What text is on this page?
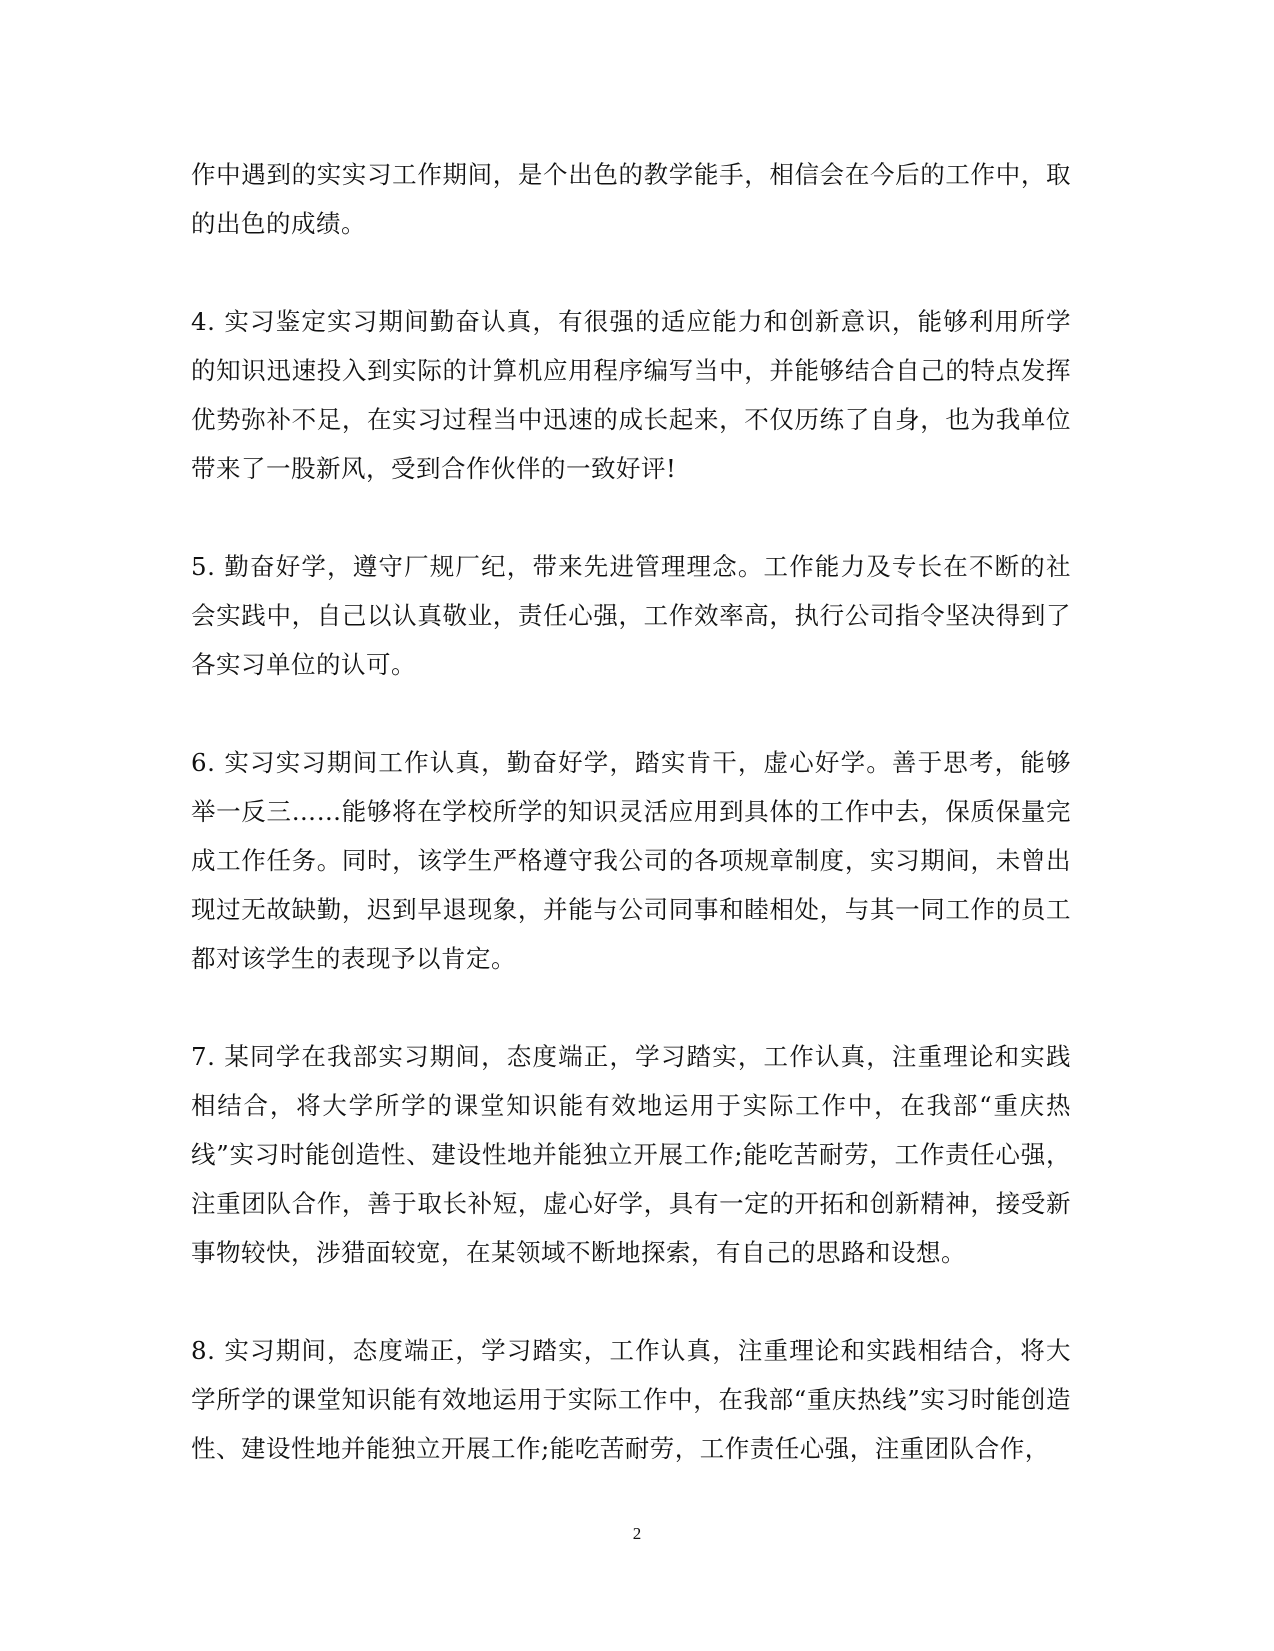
作中遇到的实实习工作期间，是个出色的教学能手，相信会在今后的工作中，取的出色的成绩。

4. 实习鉴定实习期间勤奋认真，有很强的适应能力和创新意识，能够利用所学的知识迅速投入到实际的计算机应用程序编写当中，并能够结合自己的特点发挥优势弥补不足，在实习过程当中迅速的成长起来，不仅历练了自身，也为我单位带来了一股新风，受到合作伙伴的一致好评!

5. 勤奋好学，遵守厂规厂纪，带来先进管理理念。工作能力及专长在不断的社会实践中，自己以认真敬业，责任心强，工作效率高，执行公司指令坚决得到了各实习单位的认可。

6. 实习实习期间工作认真，勤奋好学，踏实肯干，虚心好学。善于思考，能够举一反三……能够将在学校所学的知识灵活应用到具体的工作中去，保质保量完成工作任务。同时，该学生严格遵守我公司的各项规章制度，实习期间，未曾出现过无故缺勤，迟到早退现象，并能与公司同事和睦相处，与其一同工作的员工都对该学生的表现予以肯定。

7. 某同学在我部实习期间，态度端正，学习踏实，工作认真，注重理论和实践相结合，将大学所学的课堂知识能有效地运用于实际工作中，在我部“重庆热线”实习时能创造性、建设性地并能独立开展工作;能吃苦耐劳，工作责任心强，注重团队合作，善于取长补短，虚心好学，具有一定的开拓和创新精神，接受新事物较快，涉猎面较宽，在某领域不断地探索，有自己的思路和设想。

8. 实习期间，态度端正，学习踏实，工作认真，注重理论和实践相结合，将大学所学的课堂知识能有效地运用于实际工作中，在我部“重庆热线”实习时能创造性、建设性地并能独立开展工作;能吃苦耐劳，工作责任心强，注重团队合作，

2
